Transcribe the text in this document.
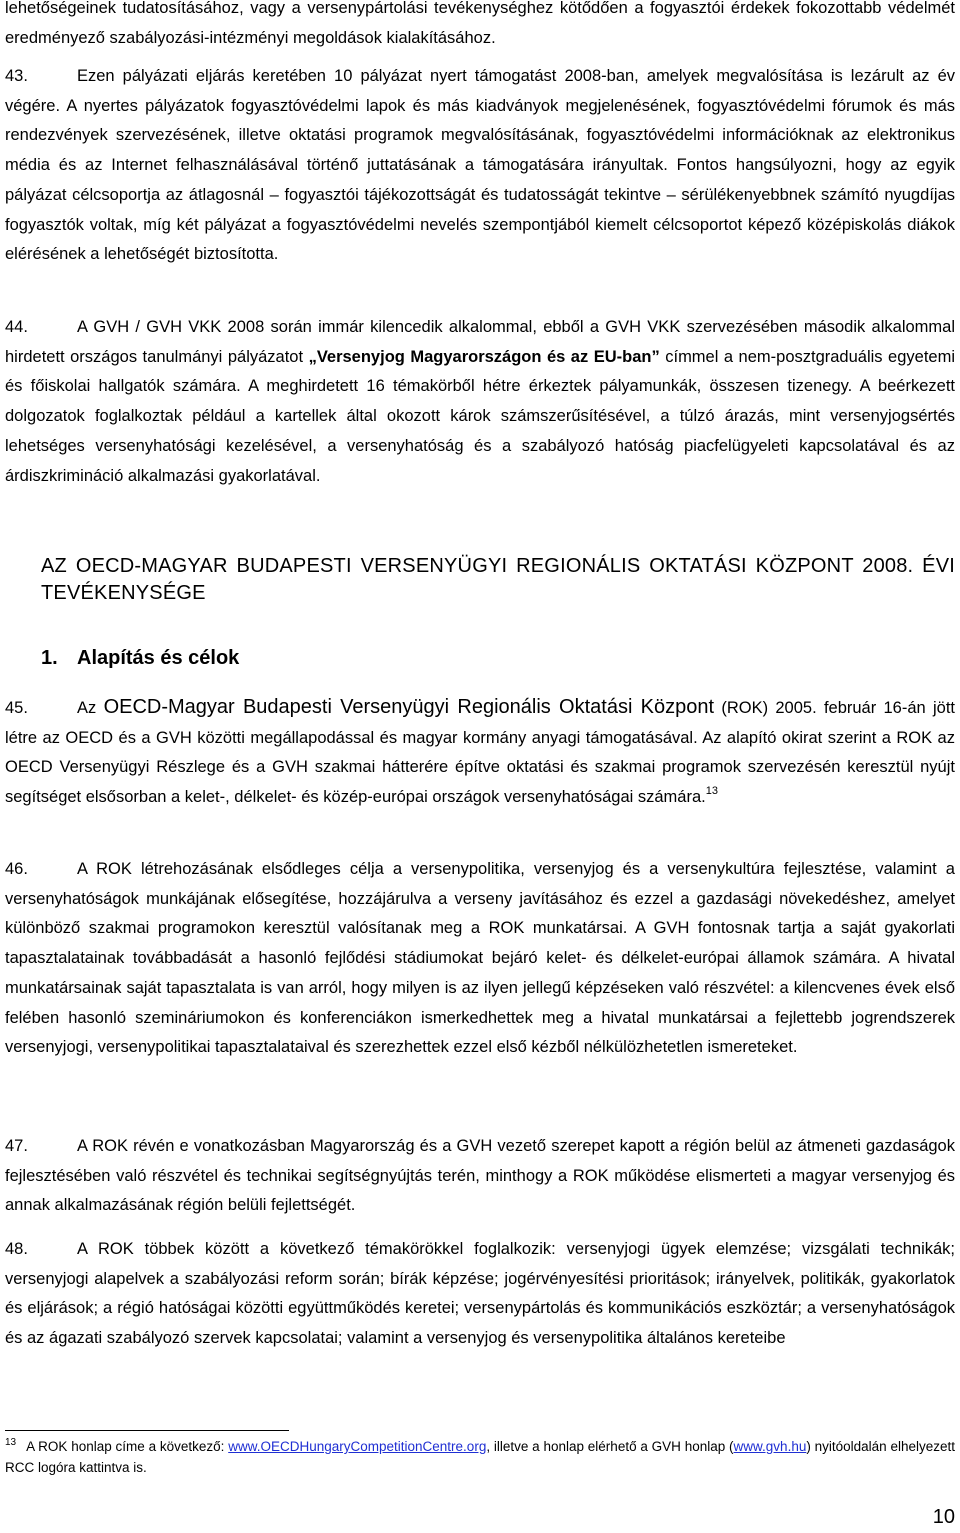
lehetőségeinek tudatosításához, vagy a versenypártolási tevékenységhez kötődően a fogyasztói érdekek fokozottabb védelmét eredményező szabályozási-intézményi megoldások kialakításához.

43.	Ezen pályázati eljárás keretében 10 pályázat nyert támogatást 2008-ban, amelyek megvalósítása is lezárult az év végére. A nyertes pályázatok fogyasztóvédelmi lapok és más kiadványok megjelenésének, fogyasztóvédelmi fórumok és más rendezvények szervezésének, illetve oktatási programok megvalósításának, fogyasztóvédelmi információknak az elektronikus média és az Internet felhasználásával történő juttatásának a támogatására irányultak. Fontos hangsúlyozni, hogy az egyik pályázat célcsoportja az átlagosnál – fogyasztói tájékozottságát és tudatosságát tekintve – sérülékenyebbnek számító nyugdíjas fogyasztók voltak, míg két pályázat a fogyasztóvédelmi nevelés szempontjából kiemelt célcsoportot képező középiskolás diákok elérésének a lehetőségét biztosította.

44.	A GVH / GVH VKK 2008 során immár kilencedik alkalommal, ebből a GVH VKK szervezésében második alkalommal hirdetett országos tanulmányi pályázatot „Versenyjog Magyarországon és az EU-ban” címmel a nem-posztgraduális egyetemi és főiskolai hallgatók számára. A meghirdetett 16 témakörből hétre érkeztek pályamunkák, összesen tizenegy. A beérkezett dolgozatok foglalkoztak például a kartellek által okozott károk számszerűsítésével, a túlzó árazás, mint versenyjogsértés lehetséges versenyhatósági kezelésével, a versenyhatóság és a szabályozó hatóság piacfelügyeleti kapcsolatával és az árdiszkrimináció alkalmazási gyakorlatával.

AZ OECD-MAGYAR BUDAPESTI VERSENYÜGYI REGIONÁLIS OKTATÁSI KÖZPONT 2008. ÉVI TEVÉKENYSÉGE
1. Alapítás és célok

45.	Az OECD-Magyar Budapesti Versenyügyi Regionális Oktatási Központ (ROK) 2005. február 16-án jött létre az OECD és a GVH közötti megállapodással és magyar kormány anyagi támogatásával. Az alapító okirat szerint a ROK az OECD Versenyügyi Részlege és a GVH szakmai hátterére építve oktatási és szakmai programok szervezésén keresztül nyújt segítséget elsősorban a kelet-, délkelet- és közép-európai országok versenyhatóságai számára.$^{13}$

46.	A ROK létrehozásának elsődleges célja a versenypolitika, versenyjog és a versenykultúra fejlesztése, valamint a versenyhatóságok munkájának elősegítése, hozzájárulva a verseny javításához és ezzel a gazdasági növekedéshez, amelyet különböző szakmai programokon keresztül valósítanak meg a ROK munkatársai. A GVH fontosnak tartja a saját gyakorlati tapasztalatainak továbbadását a hasonló fejlődési stádiumokat bejáró kelet- és délkelet-európai államok számára. A hivatal munkatársainak saját tapasztalata is van arról, hogy milyen is az ilyen jellegű képzéseken való részvétel: a kilencvenes évek első felében hasonló szemináriumokon és konferenciákon ismerkedhettek meg a hivatal munkatársai a fejlettebb jogrendszerek versenyjogi, versenypolitikai tapasztalataival és szerezhettek ezzel első kézből nélkülözhetetlen ismereteket.

47.	A ROK révén e vonatkozásban Magyarország és a GVH vezető szerepet kapott a régión belül az átmeneti gazdaságok fejlesztésében való részvétel és technikai segítségnyújtás terén, minthogy a ROK működése elismerteti a magyar versenyjog és annak alkalmazásának régión belüli fejlettségét.

48.	A ROK többek között a következő témakörökkel foglalkozik: versenyjogi ügyek elemzése; vizsgálati technikák; versenyjogi alapelvek a szabályozási reform során; bírák képzése; jogérvényesítési prioritások; irányelvek, politikák, gyakorlatok és eljárások; a régió hatóságai közötti együttműködés keretei; versenypártolás és kommunikációs eszköztár; a versenyhatóságok és az ágazati szabályozó szervek kapcsolatai; valamint a versenyjog és versenypolitika általános kereteibe

$^{13}$ A ROK honlap címe a következő: www.OECDHungaryCompetitionCentre.org, illetve a honlap elérhető a GVH honlap (www.gvh.hu) nyitóoldalán elhelyezett RCC logóra kattintva is.

10
